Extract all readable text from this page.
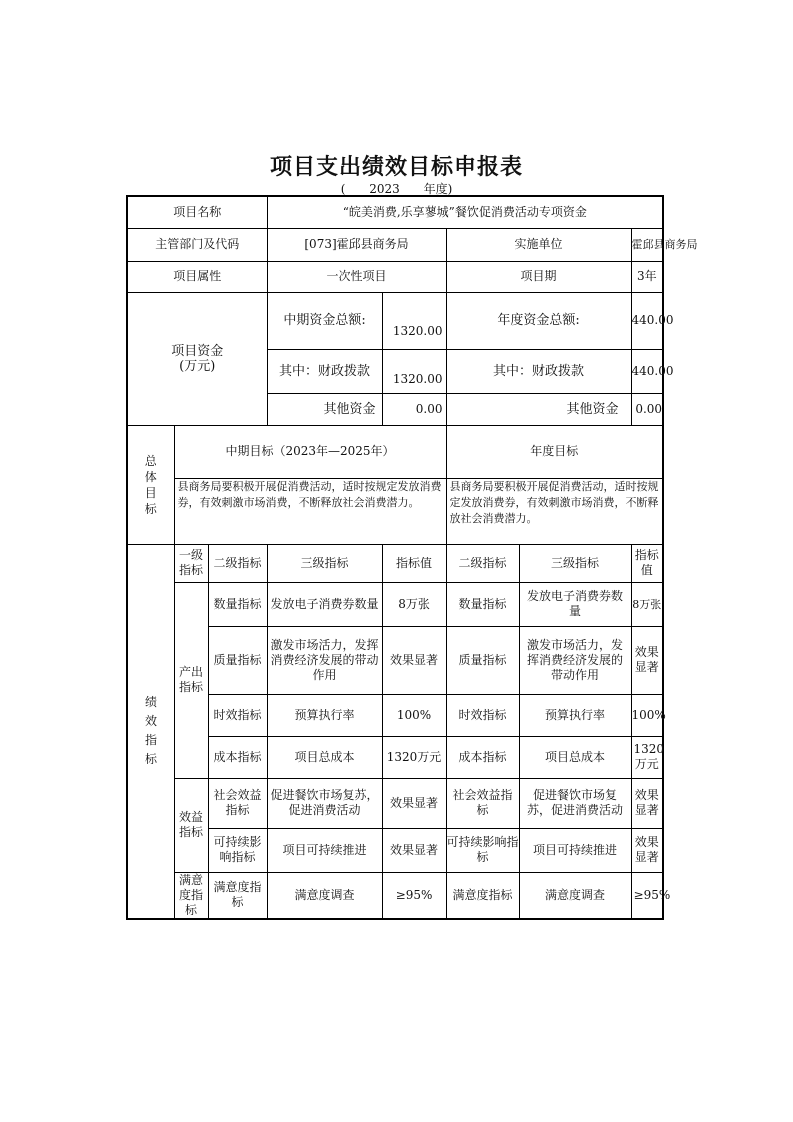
项目支出绩效目标申报表
( 2023 年度)
项目名称			“皖美消费,乐享蓼城”餐饮促消费活动专项资金				
主管部门及代码			[073]霍邱县商务局		实施单位		霍邱县商务局
项目属性			一次性项目		项目期		3年

项目资金
(万元)			中期资金总额:	1320.00	年度资金总额:		440.00
			其中：财政拨款	1320.00	其中：财政拨款		440.00
			其他资金	0.00	其他资金		0.00
总体目标	中期目标（2023年—2025年）				年度目标		
	县商务局要积极开展促消费活动，适时按规定发放消费券，有效刺激市场消费，不断释放社会消费潜力。				县商务局要积极开展促消费活动，适时按规定发放消费券，有效刺激市场消费，不断释放社会消费潜力。		
绩效指标	一级指标	二级指标	三级指标	指标值	二级指标	三级指标	指标值
	产出指标	数量指标	发放电子消费券数量	8万张	数量指标	发放电子消费券数量	8万张
		质量指标	激发市场活力，发挥消费经济发展的带动作用	效果显著	质量指标	激发市场活力，发挥消费经济发展的带动作用	效果显著
		时效指标	预算执行率	100%	时效指标	预算执行率	100%
		成本指标	项目总成本	1320万元	成本指标	项目总成本	1320万元
	效益指标	社会效益指标	促进餐饮市场复苏，促进消费活动	效果显著	社会效益指标	促进餐饮市场复苏，促进消费活动	效果显著
		可持续影响指标	项目可持续推进	效果显著	可持续影响指标	项目可持续推进	效果显著
	满意度指标	满意度指标	满意度调查	≥95%	满意度指标	满意度调查	≥95%
